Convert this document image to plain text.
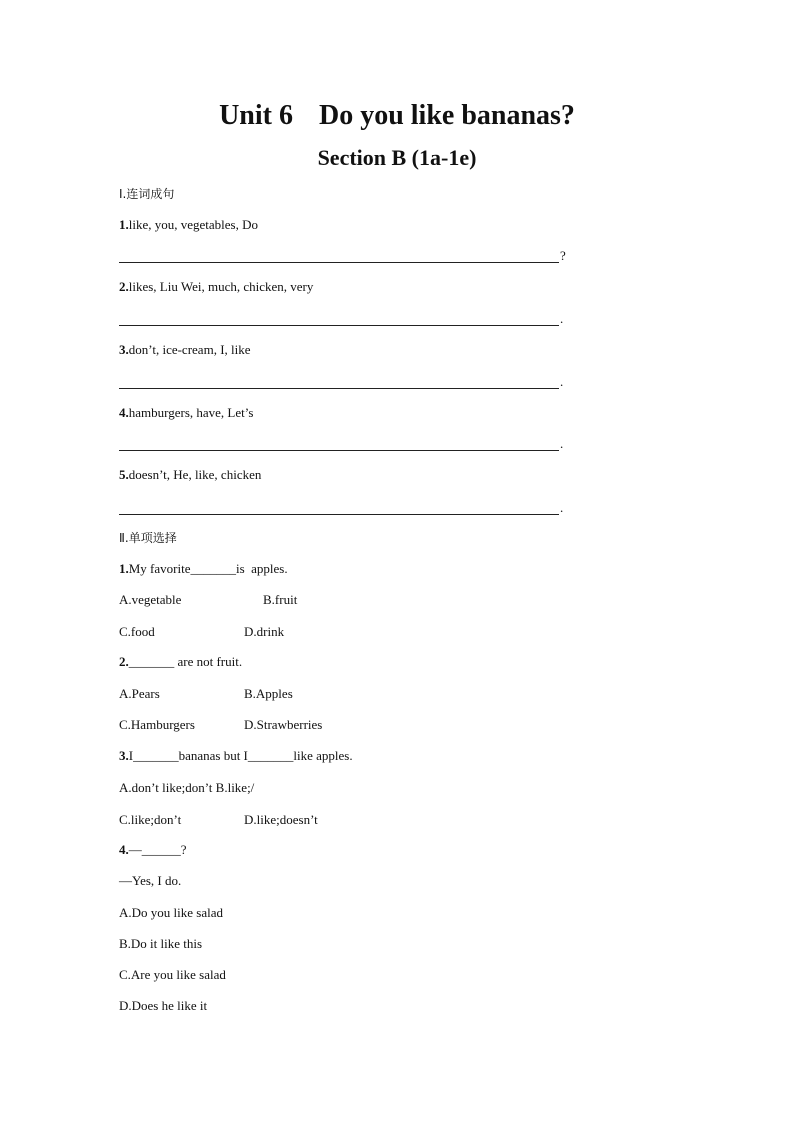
Unit 6 Do you like bananas?
Section B (1a-1e)
Ⅰ.连词成句
1.like, you, vegetables, Do
?
2.likes, Liu Wei, much, chicken, very
.
3.don’t, ice-cream, I, like
.
4.hamburgers, have, Let’s
.
5.doesn’t, He, like, chicken
.
Ⅱ.单项选择
1.My favorite_______is  apples.
A.vegetable	B.fruit
C.food	D.drink
2._______ are not fruit.
A.Pears	B.Apples
C.Hamburgers	D.Strawberries
3.I_______bananas but I_______like apples.
A.don’t like;don’t B.like;/
C.like;don’t	D.like;doesn’t
4.—______?
—Yes, I do.
A.Do you like salad
B.Do it like this
C.Are you like salad
D.Does he like it
